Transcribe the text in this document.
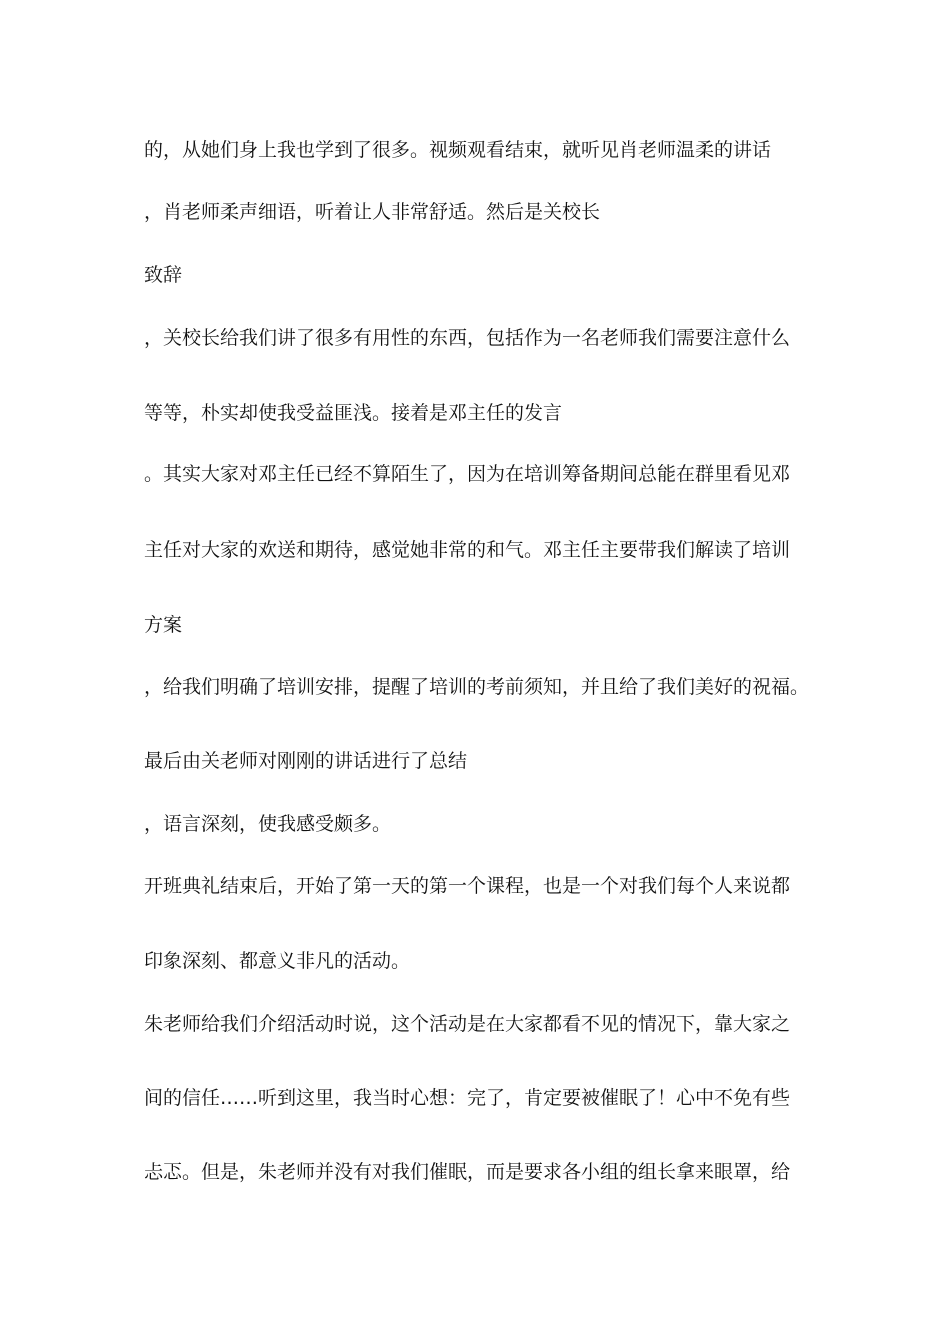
的，从她们身上我也学到了很多。视频观看结束，就听见肖老师温柔的讲话
，肖老师柔声细语，听着让人非常舒适。然后是关校长
致辞
，关校长给我们讲了很多有用性的东西，包括作为一名老师我们需要注意什么
等等，朴实却使我受益匪浅。接着是邓主任的发言
。其实大家对邓主任已经不算陌生了，因为在培训筹备期间总能在群里看见邓
主任对大家的欢送和期待，感觉她非常的和气。邓主任主要带我们解读了培训
方案
，给我们明确了培训安排，提醒了培训的考前须知，并且给了我们美好的祝福。
最后由关老师对刚刚的讲话进行了总结
，语言深刻，使我感受颇多。
开班典礼结束后，开始了第一天的第一个课程，也是一个对我们每个人来说都
印象深刻、都意义非凡的活动。
朱老师给我们介绍活动时说，这个活动是在大家都看不见的情况下，靠大家之
间的信任……听到这里，我当时心想：完了，肯定要被催眠了！心中不免有些
忐忑。但是，朱老师并没有对我们催眠，而是要求各小组的组长拿来眼罩，给
